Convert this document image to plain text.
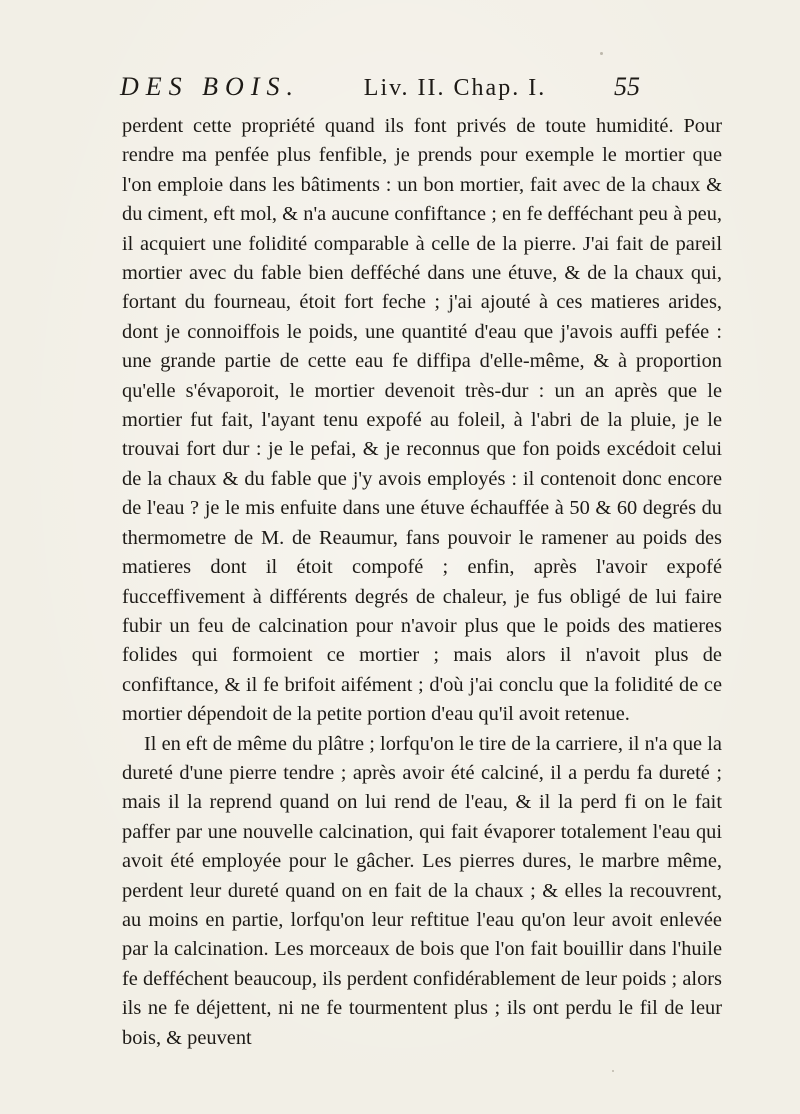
DES BOIS.	Liv. II. Chap. I.	55

perdent cette propriété quand ils font privés de toute humidité. Pour rendre ma penfée plus fenfible, je prends pour exemple le mortier que l'on emploie dans les bâtiments : un bon mortier, fait avec de la chaux & du ciment, eft mol, & n'a aucune confiftance ; en fe defféchant peu à peu, il acquiert une folidité comparable à celle de la pierre. J'ai fait de pareil mortier avec du fable bien defféché dans une étuve, & de la chaux qui, fortant du fourneau, étoit fort feche ; j'ai ajouté à ces matieres arides, dont je connoiffois le poids, une quantité d'eau que j'avois auffi pefée : une grande partie de cette eau fe diffipa d'elle-même, & à proportion qu'elle s'évaporoit, le mortier devenoit très-dur : un an après que le mortier fut fait, l'ayant tenu expofé au foleil, à l'abri de la pluie, je le trouvai fort dur : je le pefai, & je reconnus que fon poids excédoit celui de la chaux & du fable que j'y avois employés : il contenoit donc encore de l'eau ? je le mis enfuite dans une étuve échauffée à 50 & 60 degrés du thermometre de M. de Reaumur, fans pouvoir le ramener au poids des matieres dont il étoit compofé ; enfin, après l'avoir expofé fucceffivement à différents degrés de chaleur, je fus obligé de lui faire fubir un feu de calcination pour n'avoir plus que le poids des matieres folides qui formoient ce mortier ; mais alors il n'avoit plus de confiftance, & il fe brifoit aifément ; d'où j'ai conclu que la folidité de ce mortier dépendoit de la petite portion d'eau qu'il avoit retenue.

Il en eft de même du plâtre ; lorfqu'on le tire de la carriere, il n'a que la dureté d'une pierre tendre ; après avoir été calciné, il a perdu fa dureté ; mais il la reprend quand on lui rend de l'eau, & il la perd fi on le fait paffer par une nouvelle calcination, qui fait évaporer totalement l'eau qui avoit été employée pour le gâcher. Les pierres dures, le marbre même, perdent leur dureté quand on en fait de la chaux ; & elles la recouvrent, au moins en partie, lorfqu'on leur reftitue l'eau qu'on leur avoit enlevée par la calcination. Les morceaux de bois que l'on fait bouillir dans l'huile fe defféchent beaucoup, ils perdent confidérablement de leur poids ; alors ils ne fe déjettent, ni ne fe tourmentent plus ; ils ont perdu le fil de leur bois, & peuvent
